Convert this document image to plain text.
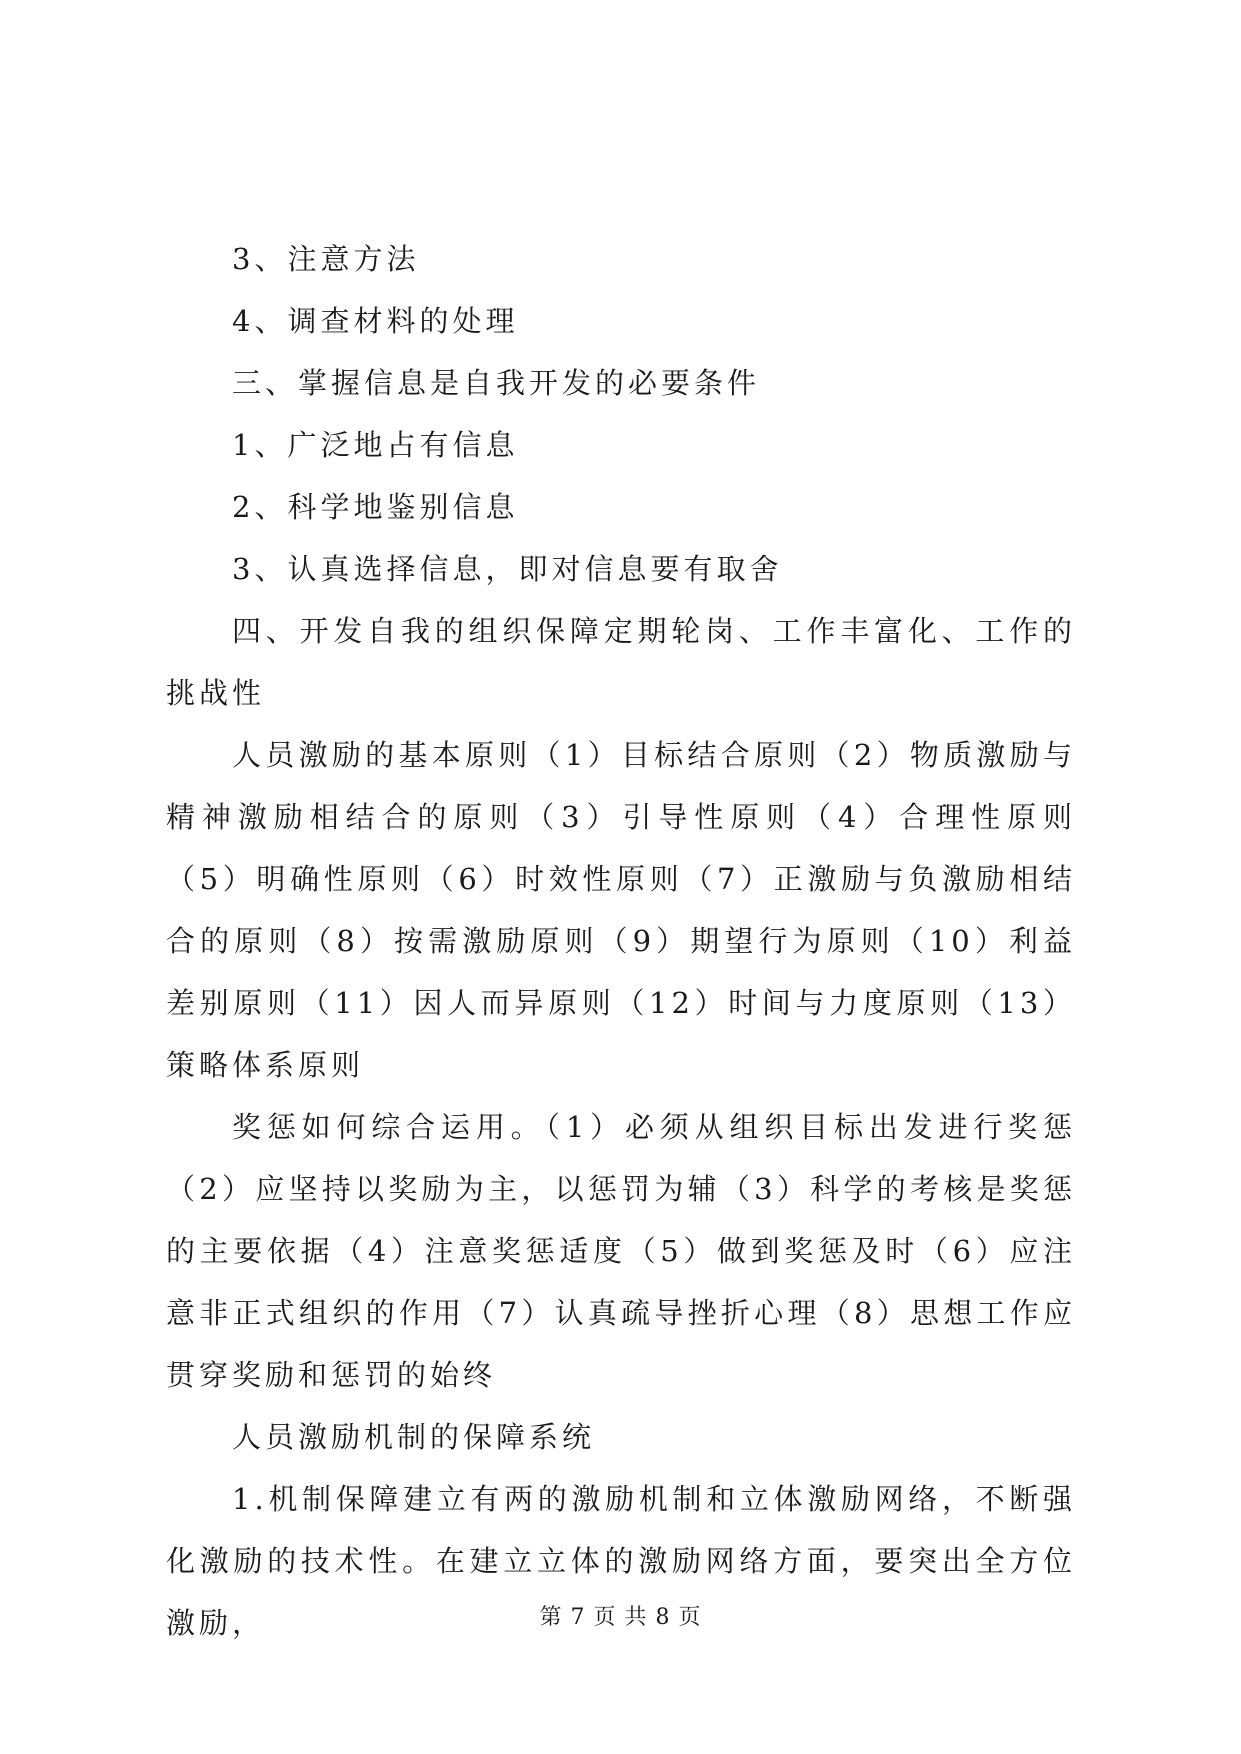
3、注意方法

4、调查材料的处理

三、掌握信息是自我开发的必要条件

1、广泛地占有信息

2、科学地鉴别信息

3、认真选择信息，即对信息要有取舍

四、开发自我的组织保障定期轮岗、工作丰富化、工作的挑战性

人员激励的基本原则（1）目标结合原则（2）物质激励与精神激励相结合的原则（3）引导性原则（4）合理性原则（5）明确性原则（6）时效性原则（7）正激励与负激励相结合的原则（8）按需激励原则（9）期望行为原则（10）利益差别原则（11）因人而异原则（12）时间与力度原则（13）策略体系原则

奖惩如何综合运用。（1）必须从组织目标出发进行奖惩（2）应坚持以奖励为主，以惩罚为辅（3）科学的考核是奖惩的主要依据（4）注意奖惩适度（5）做到奖惩及时（6）应注意非正式组织的作用（7）认真疏导挫折心理（8）思想工作应贯穿奖励和惩罚的始终

人员激励机制的保障系统

1.机制保障建立有两的激励机制和立体激励网络，不断强化激励的技术性。在建立立体的激励网络方面，要突出全方位激励，	第 7 页 共 8 页
